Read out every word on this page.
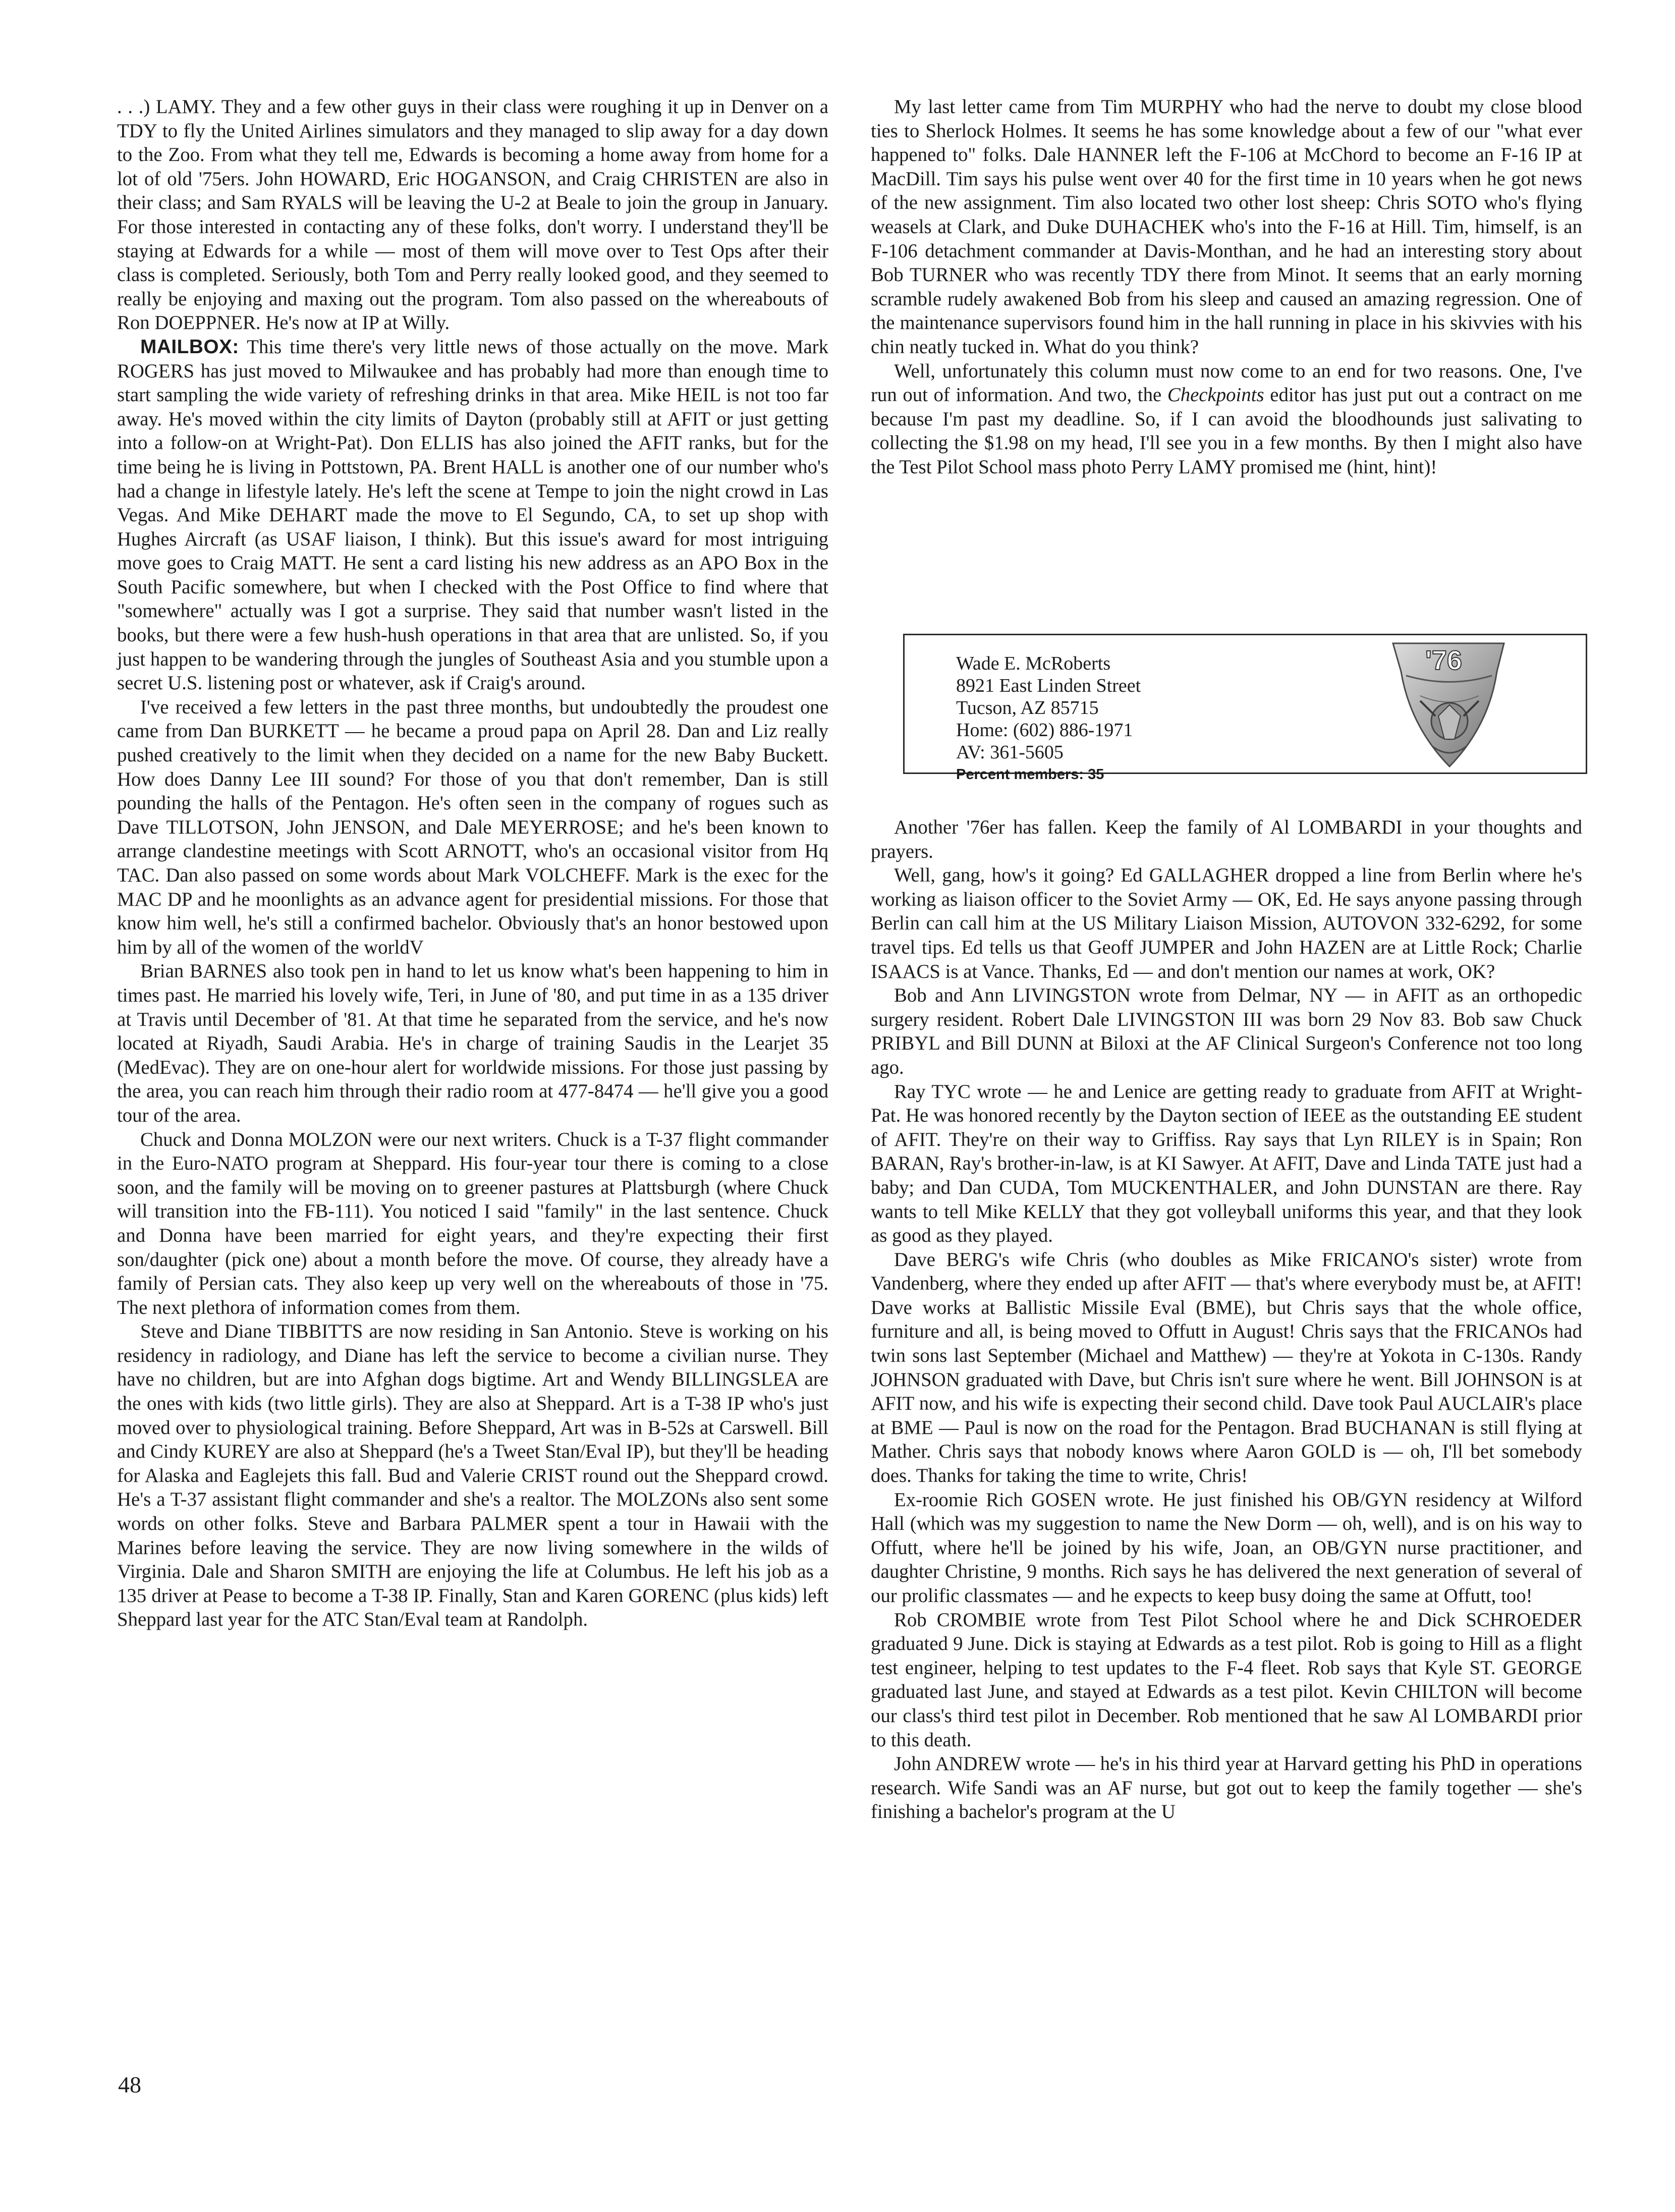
. . .) LAMY. They and a few other guys in their class were roughing it up in Denver on a TDY to fly the United Airlines simulators and they managed to slip away for a day down to the Zoo. From what they tell me, Edwards is becoming a home away from home for a lot of old '75ers. John HOWARD, Eric HOGANSON, and Craig CHRISTEN are also in their class; and Sam RYALS will be leaving the U-2 at Beale to join the group in January. For those interested in contacting any of these folks, don't worry. I understand they'll be staying at Edwards for a while — most of them will move over to Test Ops after their class is completed. Seriously, both Tom and Perry really looked good, and they seemed to really be enjoying and maxing out the program. Tom also passed on the whereabouts of Ron DOEPPNER. He's now at IP at Willy.

MAILBOX: This time there's very little news of those actually on the move. Mark ROGERS has just moved to Milwaukee and has probably had more than enough time to start sampling the wide variety of refreshing drinks in that area. Mike HEIL is not too far away. He's moved within the city limits of Dayton (probably still at AFIT or just getting into a follow-on at Wright-Pat). Don ELLIS has also joined the AFIT ranks, but for the time being he is living in Pottstown, PA. Brent HALL is another one of our number who's had a change in lifestyle lately. He's left the scene at Tempe to join the night crowd in Las Vegas. And Mike DEHART made the move to El Segundo, CA, to set up shop with Hughes Aircraft (as USAF liaison, I think). But this issue's award for most intriguing move goes to Craig MATT. He sent a card listing his new address as an APO Box in the South Pacific somewhere, but when I checked with the Post Office to find where that "somewhere" actually was I got a surprise. They said that number wasn't listed in the books, but there were a few hush-hush operations in that area that are unlisted. So, if you just happen to be wandering through the jungles of Southeast Asia and you stumble upon a secret U.S. listening post or whatever, ask if Craig's around.

I've received a few letters in the past three months, but undoubtedly the proudest one came from Dan BURKETT — he became a proud papa on April 28. Dan and Liz really pushed creatively to the limit when they decided on a name for the new Baby Buckett. How does Danny Lee III sound? For those of you that don't remember, Dan is still pounding the halls of the Pentagon. He's often seen in the company of rogues such as Dave TILLOTSON, John JENSON, and Dale MEYERROSE; and he's been known to arrange clandestine meetings with Scott ARNOTT, who's an occasional visitor from Hq TAC. Dan also passed on some words about Mark VOLCHEFF. Mark is the exec for the MAC DP and he moonlights as an advance agent for presidential missions. For those that know him well, he's still a confirmed bachelor. Obviously that's an honor bestowed upon him by all of the women of the worldV

Brian BARNES also took pen in hand to let us know what's been happening to him in times past. He married his lovely wife, Teri, in June of '80, and put time in as a 135 driver at Travis until December of '81. At that time he separated from the service, and he's now located at Riyadh, Saudi Arabia. He's in charge of training Saudis in the Learjet 35 (MedEvac). They are on one-hour alert for worldwide missions. For those just passing by the area, you can reach him through their radio room at 477-8474 — he'll give you a good tour of the area.

Chuck and Donna MOLZON were our next writers. Chuck is a T-37 flight commander in the Euro-NATO program at Sheppard. His four-year tour there is coming to a close soon, and the family will be moving on to greener pastures at Plattsburgh (where Chuck will transition into the FB-111). You noticed I said "family" in the last sentence. Chuck and Donna have been married for eight years, and they're expecting their first son/daughter (pick one) about a month before the move. Of course, they already have a family of Persian cats. They also keep up very well on the whereabouts of those in '75. The next plethora of information comes from them.

Steve and Diane TIBBITTS are now residing in San Antonio. Steve is working on his residency in radiology, and Diane has left the service to become a civilian nurse. They have no children, but are into Afghan dogs bigtime. Art and Wendy BILLINGSLEA are the ones with kids (two little girls). They are also at Sheppard. Art is a T-38 IP who's just moved over to physiological training. Before Sheppard, Art was in B-52s at Carswell. Bill and Cindy KUREY are also at Sheppard (he's a Tweet Stan/Eval IP), but they'll be heading for Alaska and Eaglejets this fall. Bud and Valerie CRIST round out the Sheppard crowd. He's a T-37 assistant flight commander and she's a realtor. The MOLZONs also sent some words on other folks. Steve and Barbara PALMER spent a tour in Hawaii with the Marines before leaving the service. They are now living somewhere in the wilds of Virginia. Dale and Sharon SMITH are enjoying the life at Columbus. He left his job as a 135 driver at Pease to become a T-38 IP. Finally, Stan and Karen GORENC (plus kids) left Sheppard last year for the ATC Stan/Eval team at Randolph.

My last letter came from Tim MURPHY who had the nerve to doubt my close blood ties to Sherlock Holmes. It seems he has some knowledge about a few of our "what ever happened to" folks. Dale HANNER left the F-106 at McChord to become an F-16 IP at MacDill. Tim says his pulse went over 40 for the first time in 10 years when he got news of the new assignment. Tim also located two other lost sheep: Chris SOTO who's flying weasels at Clark, and Duke DUHACHEK who's into the F-16 at Hill. Tim, himself, is an F-106 detachment commander at Davis-Monthan, and he had an interesting story about Bob TURNER who was recently TDY there from Minot. It seems that an early morning scramble rudely awakened Bob from his sleep and caused an amazing regression. One of the maintenance supervisors found him in the hall running in place in his skivvies with his chin neatly tucked in. What do you think?

Well, unfortunately this column must now come to an end for two reasons. One, I've run out of information. And two, the Checkpoints editor has just put out a contract on me because I'm past my deadline. So, if I can avoid the bloodhounds just salivating to collecting the $1.98 on my head, I'll see you in a few months. By then I might also have the Test Pilot School mass photo Perry LAMY promised me (hint, hint)!

Wade E. McRoberts
8921 East Linden Street
Tucson, AZ 85715
Home: (602) 886-1971
AV: 361-5605
Percent members: 35
'76

Another '76er has fallen. Keep the family of Al LOMBARDI in your thoughts and prayers.

Well, gang, how's it going? Ed GALLAGHER dropped a line from Berlin where he's working as liaison officer to the Soviet Army — OK, Ed. He says anyone passing through Berlin can call him at the US Military Liaison Mission, AUTOVON 332-6292, for some travel tips. Ed tells us that Geoff JUMPER and John HAZEN are at Little Rock; Charlie ISAACS is at Vance. Thanks, Ed — and don't mention our names at work, OK?

Bob and Ann LIVINGSTON wrote from Delmar, NY — in AFIT as an orthopedic surgery resident. Robert Dale LIVINGSTON III was born 29 Nov 83. Bob saw Chuck PRIBYL and Bill DUNN at Biloxi at the AF Clinical Surgeon's Conference not too long ago.

Ray TYC wrote — he and Lenice are getting ready to graduate from AFIT at Wright-Pat. He was honored recently by the Dayton section of IEEE as the outstanding EE student of AFIT. They're on their way to Griffiss. Ray says that Lyn RILEY is in Spain; Ron BARAN, Ray's brother-in-law, is at KI Sawyer. At AFIT, Dave and Linda TATE just had a baby; and Dan CUDA, Tom MUCKENTHALER, and John DUNSTAN are there. Ray wants to tell Mike KELLY that they got volleyball uniforms this year, and that they look as good as they played.

Dave BERG's wife Chris (who doubles as Mike FRICANO's sister) wrote from Vandenberg, where they ended up after AFIT — that's where everybody must be, at AFIT! Dave works at Ballistic Missile Eval (BME), but Chris says that the whole office, furniture and all, is being moved to Offutt in August! Chris says that the FRICANOs had twin sons last September (Michael and Matthew) — they're at Yokota in C-130s. Randy JOHNSON graduated with Dave, but Chris isn't sure where he went. Bill JOHNSON is at AFIT now, and his wife is expecting their second child. Dave took Paul AUCLAIR's place at BME — Paul is now on the road for the Pentagon. Brad BUCHANAN is still flying at Mather. Chris says that nobody knows where Aaron GOLD is — oh, I'll bet somebody does. Thanks for taking the time to write, Chris!

Ex-roomie Rich GOSEN wrote. He just finished his OB/GYN residency at Wilford Hall (which was my suggestion to name the New Dorm — oh, well), and is on his way to Offutt, where he'll be joined by his wife, Joan, an OB/GYN nurse practitioner, and daughter Christine, 9 months. Rich says he has delivered the next generation of several of our prolific classmates — and he expects to keep busy doing the same at Offutt, too!

Rob CROMBIE wrote from Test Pilot School where he and Dick SCHROEDER graduated 9 June. Dick is staying at Edwards as a test pilot. Rob is going to Hill as a flight test engineer, helping to test updates to the F-4 fleet. Rob says that Kyle ST. GEORGE graduated last June, and stayed at Edwards as a test pilot. Kevin CHILTON will become our class's third test pilot in December. Rob mentioned that he saw Al LOMBARDI prior to this death.

John ANDREW wrote — he's in his third year at Harvard getting his PhD in operations research. Wife Sandi was an AF nurse, but got out to keep the family together — she's finishing a bachelor's program at the U

48
